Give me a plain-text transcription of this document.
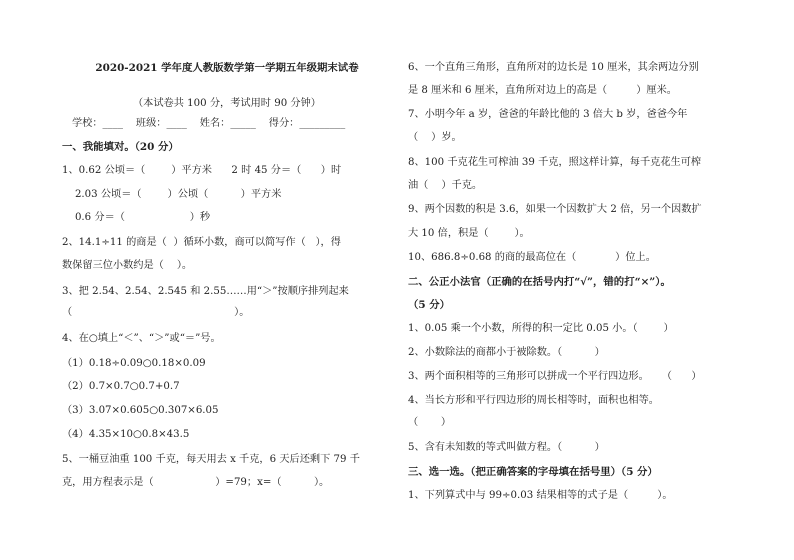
2020-2021 学年度人教版数学第一学期五年级期末试卷
（本试卷共 100 分，考试用时 90 分钟）
学校：____    班级：____    姓名：_____    得分：_________
一、我能填对。（20 分）
1、0.62 公顷＝（        ）平方米      2 时 45 分＝（      ）时
2.03 公顷＝（        ）公顷（          ）平方米
0.6 分＝（                    ）秒
2、14.1÷11 的商是（  ）循环小数，商可以简写作（   ），得
数保留三位小数约是（    ）。
3、把 2.54、2.54、2.545 和 2.55……用“＞”按顺序排列起来
（                                                  ）。
4、在○填上“＜”、“＞”或“＝”号。
（1）0.18÷0.09○0.18×0.09
（2）0.7×0.7○0.7+0.7
（3）3.07×0.605○0.307×6.05
（4）4.35×10○0.8×43.5
5、一桶豆油重 100 千克，每天用去 x 千克，6 天后还剩下 79 千
克，用方程表示是（                   ）=79；x=（          ）。
6、一个直角三角形，直角所对的边长是 10 厘米，其余两边分别
是 8 厘米和 6 厘米，直角所对边上的高是（         ）厘米。
7、小明今年 a 岁，爸爸的年龄比他的 3 倍大 b 岁，爸爸今年
（    ）岁。
8、100 千克花生可榨油 39 千克，照这样计算，每千克花生可榨
油（    ）千克。
9、两个因数的积是 3.6，如果一个因数扩大 2 倍，另一个因数扩
大 10 倍，积是（        ）。
10、686.8÷0.68 的商的最高位在（            ）位上。
二、公正小法官（正确的在括号内打“√”，错的打“×”）。
（5 分）
1、0.05 乘一个小数，所得的积一定比 0.05 小。（        ）
2、小数除法的商都小于被除数。（          ）
3、两个面积相等的三角形可以拼成一个平行四边形。    （      ）
4、当长方形和平行四边形的周长相等时，面积也相等。
（       ）
5、含有未知数的等式叫做方程。（          ）
三、选一选。（把正确答案的字母填在括号里）（5 分）
1、下列算式中与 99÷0.03 结果相等的式子是（         ）。
